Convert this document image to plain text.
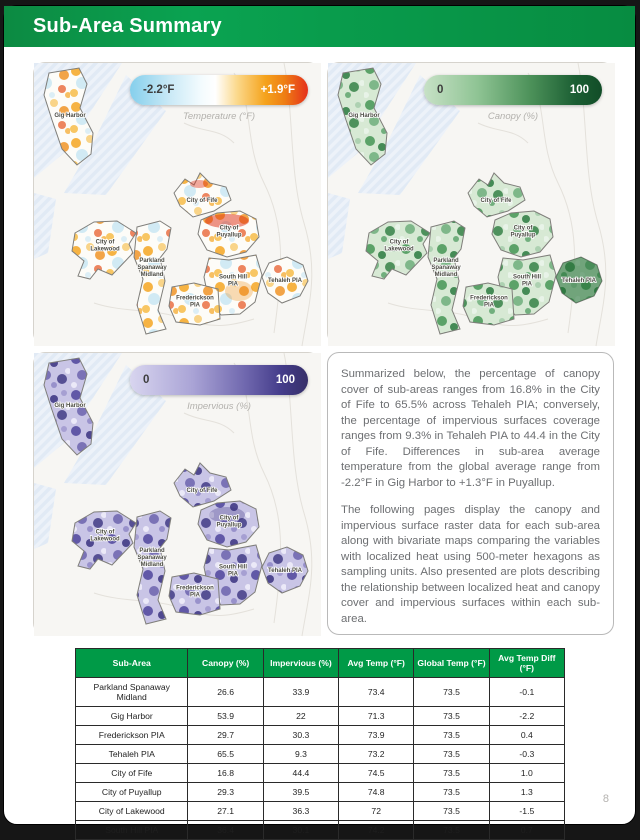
Sub-Area Summary
Gig Harbor
City of Fife
City of Puyallup
City of Lakewood
Parkland Spanaway Midland	South Hill PIA
Frederickson PIA
Tehaleh PIA
-2.2°F	+1.9°F
Temperature (°F)	Gig Harbor
City of Fife
City of Puyallup
City of Lakewood
Parkland Spanaway Midland	South Hill PIA
Frederickson PIA
Tehaleh PIA
0	100
Canopy (%)
Gig Harbor
City of Fife
City of Puyallup
City of Lakewood
Parkland Spanaway Midland	South Hill PIA
Frederickson PIA
Tehaleh PIA
0	100
Impervious (%)

Summarized below, the percentage of canopy cover of sub-areas ranges from 16.8% in the City of Fife to 65.5% across Tehaleh PIA; conversely, the percentage of impervious surfaces coverage ranges from 9.3% in Tehaleh PIA to 44.4 in the City of Fife. Differences in sub-area average temperature from the global average range from -2.2°F in Gig Harbor to +1.3°F in Puyallup.

The following pages display the canopy and impervious surface raster data for each sub-area along with bivariate maps comparing the variables with localized heat using 500-meter hexagons as sampling units. Also presented are plots describing the relationship between localized heat and canopy cover and impervious surfaces within each sub-area.

Sub-Area	Canopy (%)	Impervious (%)	Avg Temp (°F)	Global Temp (°F)	Avg Temp Diff (°F)
Parkland Spanaway Midland	26.6	33.9	73.4	73.5	-0.1
Gig Harbor	53.9	22	71.3	73.5	-2.2
Frederickson PIA	29.7	30.3	73.9	73.5	0.4
Tehaleh PIA	65.5	9.3	73.2	73.5	-0.3
City of Fife	16.8	44.4	74.5	73.5	1.0
City of Puyallup	29.3	39.5	74.8	73.5	1.3
City of Lakewood	27.1	36.3	72	73.5	-1.5
South Hill PIA	36.4	30.1	74.2	73.5	0.7
8
